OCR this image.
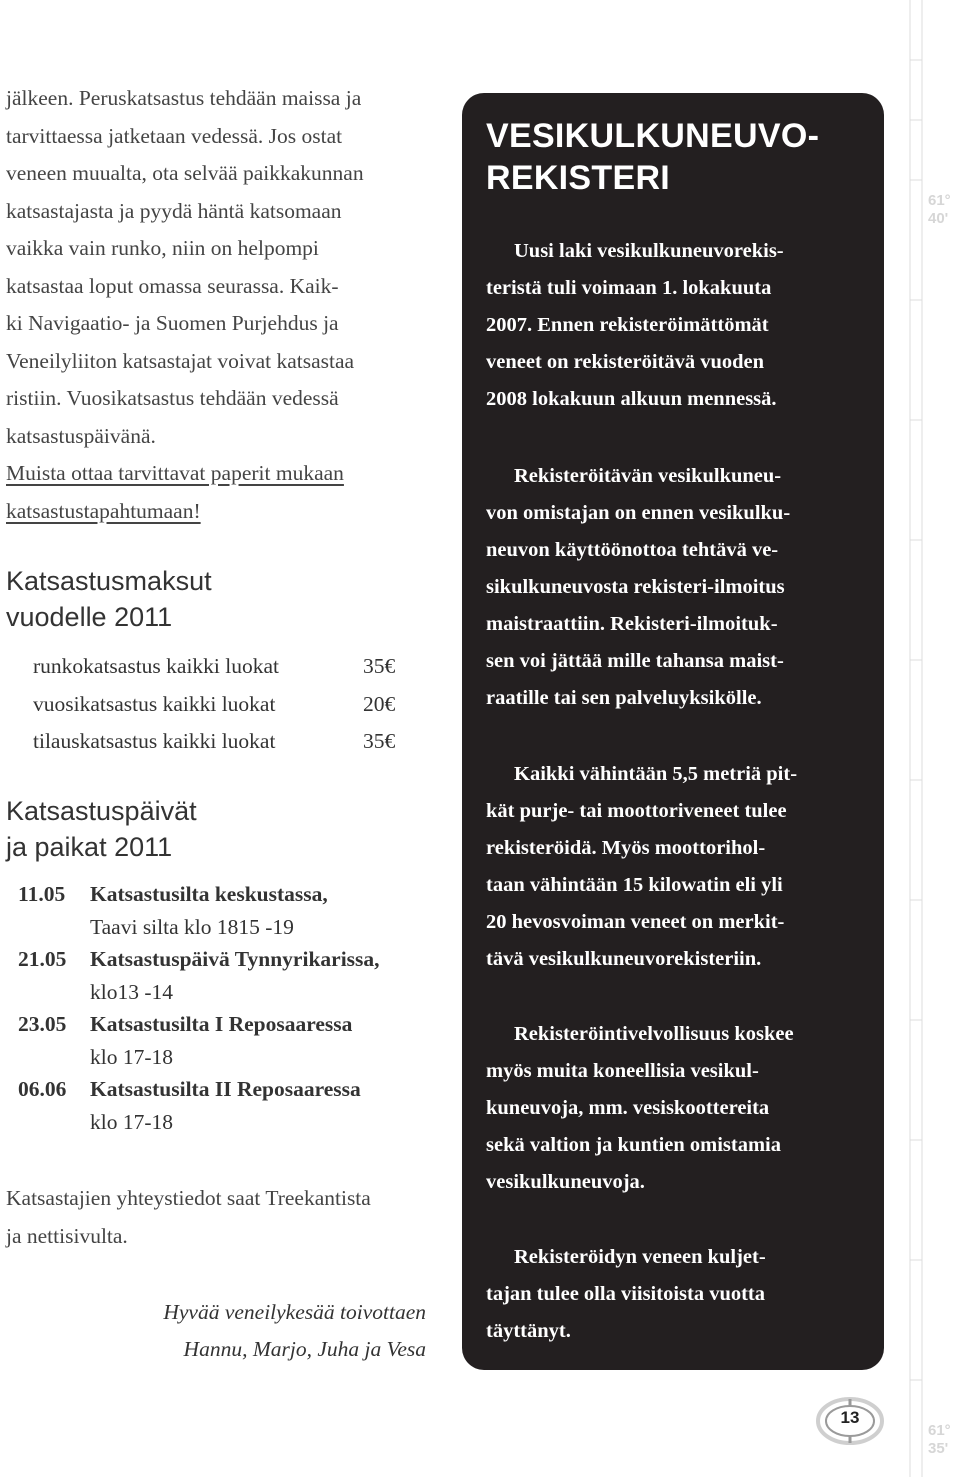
jälkeen. Peruskatsastus tehdään maissa ja
tarvittaessa jatketaan vedessä. Jos ostat
veneen muualta, ota selvää paikkakunnan
katsastajasta ja pyydä häntä katsomaan
vaikka vain runko, niin on helpompi
katsastaa loput omassa seurassa. Kaik-
ki Navigaatio- ja Suomen Purjehdus ja
Veneilyliiton katsastajat voivat katsastaa
ristiin. Vuosikatsastus tehdään vedessä
katsastuspäivänä.

Muista ottaa tarvittavat paperit mukaan
katsastustapahtumaan!

Katsastusmaksut
vuodelle 2011
runkokatsastus kaikki luokat	35€
vuosikatsastus kaikki luokat	20€
tilauskatsastus kaikki luokat	35€
Katsastuspäivät
ja paikat 2011
11.05	Katsastusilta keskustassa,
Taavi silta klo 1815 -19
21.05	Katsastuspäivä Tynnyrikarissa,
klo13 -14
23.05	Katsastusilta I Reposaaressa
klo 17-18
06.06	Katsastusilta II Reposaaressa
klo 17-18

Katsastajien yhteystiedot saat Treekantista
ja nettisivulta.

Hyvää veneilykesää toivottaen
Hannu, Marjo, Juha ja Vesa
VESIKULKUNEUVO-
REKISTERI

Uusi laki vesikulkuneuvorekis-
teristä tuli voimaan 1. lokakuuta
2007. Ennen rekisteröimättömät
veneet on rekisteröitävä vuoden
2008 lokakuun alkuun mennessä.

Rekisteröitävän vesikulkuneu-
von omistajan on ennen vesikulku-
neuvon käyttöönottoa tehtävä ve-
sikulkuneuvosta rekisteri-ilmoitus
maistraattiin. Rekisteri-ilmoituk-
sen voi jättää mille tahansa maist-
raatille tai sen palveluyksikölle.

Kaikki vähintään 5,5 metriä pit-
kät purje- tai moottoriveneet tulee
rekisteröidä. Myös moottorihol-
taan vähintään 15 kilowatin eli yli
20 hevosvoiman veneet on merkit-
tävä vesikulkuneuvorekisteriin.

Rekisteröintivelvollisuus koskee
myös muita koneellisia vesikul-
kuneuvoja, mm. vesiskoottereita
sekä valtion ja kuntien omistamia
vesikulkuneuvoja.

Rekisteröidyn veneen kuljet-
tajan tulee olla viisitoista vuotta
täyttänyt.

61°
40'
61°
35'
13
